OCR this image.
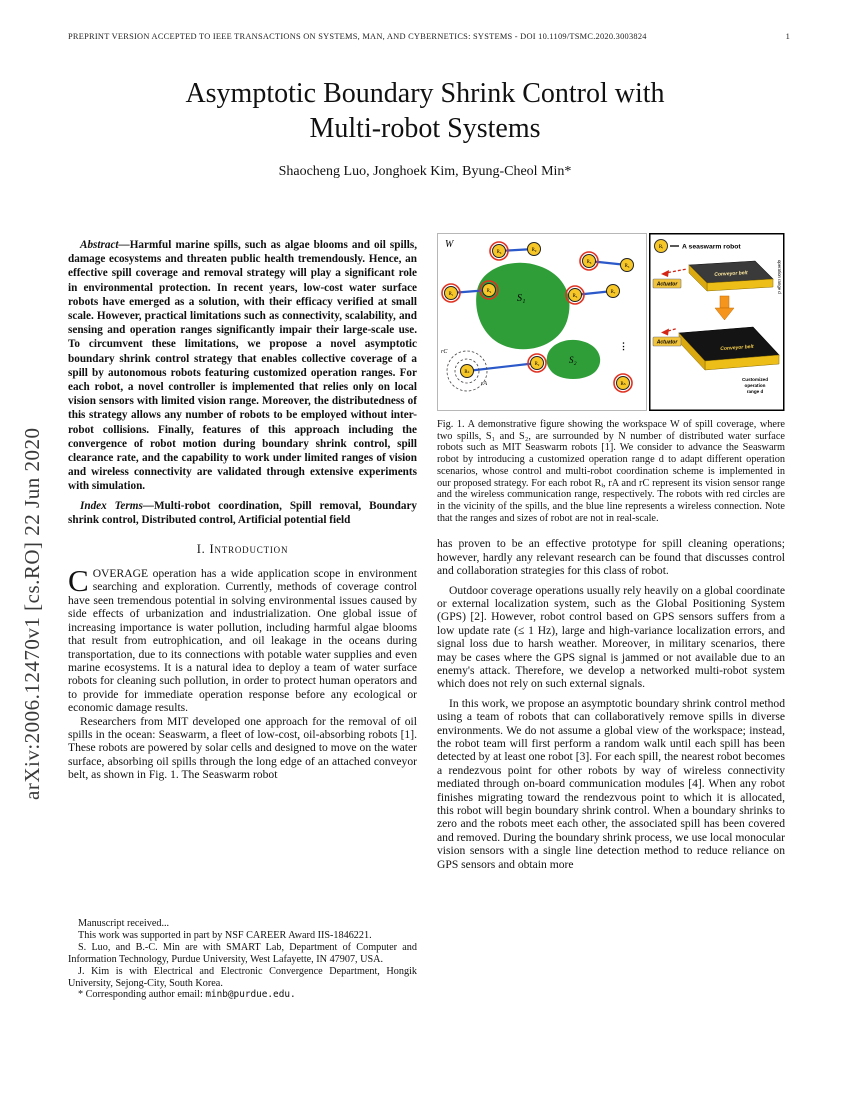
PREPRINT VERSION ACCEPTED TO IEEE TRANSACTIONS ON SYSTEMS, MAN, AND CYBERNETICS: SYSTEMS - DOI 10.1109/TSMC.2020.3003824	1
arXiv:2006.12470v1 [cs.RO] 22 Jun 2020
Asymptotic Boundary Shrink Control with
Multi-robot Systems
Shaocheng Luo, Jonghoek Kim, Byung-Cheol Min*

Abstract—Harmful marine spills, such as algae blooms and oil spills, damage ecosystems and threaten public health tremendously. Hence, an effective spill coverage and removal strategy will play a significant role in environmental protection. In recent years, low-cost water surface robots have emerged as a solution, with their efficacy verified at small scale. However, practical limitations such as connectivity, scalability, and sensing and operation ranges significantly impair their large-scale use. To circumvent these limitations, we propose a novel asymptotic boundary shrink control strategy that enables collective coverage of a spill by autonomous robots featuring customized operation ranges. For each robot, a novel controller is implemented that relies only on local vision sensors with limited vision range. Moreover, the distributedness of this strategy allows any number of robots to be employed without inter-robot collisions. Finally, features of this approach including the convergence of robot motion during boundary shrink control, spill clearance rate, and the capability to work under limited ranges of vision and wireless connectivity are validated through extensive experiments with simulation.

Index Terms—Multi-robot coordination, Spill removal, Boundary shrink control, Distributed control, Artificial potential field

I. Introduction

COVERAGE operation has a wide application scope in environment searching and exploration. Currently, methods of coverage control have seen tremendous potential in solving environmental issues caused by side effects of urbanization and industrialization. One global issue of increasing importance is water pollution, including harmful algae blooms that result from eutrophication, and oil leakage in the oceans during transportation, due to its connections with potable water supplies and even marine ecosystems. It is a natural idea to deploy a team of water surface robots for cleaning such pollution, in order to protect human operators and to provide for immediate operation response before any ecological or economic damage results.

Researchers from MIT developed one approach for the removal of oil spills in the ocean: Seaswarm, a fleet of low-cost, oil-absorbing robots [1]. These robots are powered by solar cells and designed to move on the water surface, absorbing oil spills through the long edge of an attached conveyor belt, as shown in Fig. 1. The Seaswarm robot

Manuscript received...

This work was supported in part by NSF CAREER Award IIS-1846221.

S. Luo, and B.-C. Min are with SMART Lab, Department of Computer and Information Technology, Purdue University, West Lafayette, IN 47907, USA.

J. Kim is with Electrical and Electronic Convergence Department, Hongik University, Sejong-City, South Korea.

* Corresponding author email: minb@purdue.edu.

W
S₁
S₂
rC
rA
R₆	R₉
R₈
R₃
R₁
R₄
R₅
R₇
Rₖ
R₂
Rₙ
⋮
Rᵢ	A seaswarm robot
Conveyor belt
Actuator	operation range d
Conveyor belt
Actuator
Customized
operation
range d
Fig. 1. A demonstrative figure showing the workspace W of spill coverage, where two spills, S₁ and S₂, are surrounded by N number of distributed water surface robots such as MIT Seaswarm robots [1]. We consider to advance the Seaswarm robot by introducing a customized operation range d to adapt different operation scenarios, whose control and multi-robot coordination scheme is implemented in our proposed strategy. For each robot Rᵢ, rA and rC represent its vision sensor range and the wireless communication range, respectively. The robots with red circles are in the vicinity of the spills, and the blue line represents a wireless connection. Note that the ranges and sizes of robot are not in real-scale.

has proven to be an effective prototype for spill cleaning operations; however, hardly any relevant research can be found that discusses control and collaboration strategies for this class of robot.

Outdoor coverage operations usually rely heavily on a global coordinate or external localization system, such as the Global Positioning System (GPS) [2]. However, robot control based on GPS sensors suffers from a low update rate (≤ 1 Hz), large and high-variance localization errors, and signal loss due to harsh weather. Moreover, in military scenarios, there may be cases where the GPS signal is jammed or not available due to an enemy's attack. Therefore, we develop a networked multi-robot system which does not rely on such external signals.

In this work, we propose an asymptotic boundary shrink control method using a team of robots that can collaboratively remove spills in diverse environments. We do not assume a global view of the workspace; instead, the robot team will first perform a random walk until each spill has been detected by at least one robot [3]. For each spill, the nearest robot becomes a rendezvous point for other robots by way of wireless connectivity mediated through on-board communication modules [4]. When any robot finishes migrating toward the rendezvous point to which it is allocated, this robot will begin boundary shrink control. When a boundary shrinks to zero and the robots meet each other, the associated spill has been covered and removed. During the boundary shrink process, we use local monocular vision sensors with a single line detection method to reduce reliance on GPS sensors and obtain more
